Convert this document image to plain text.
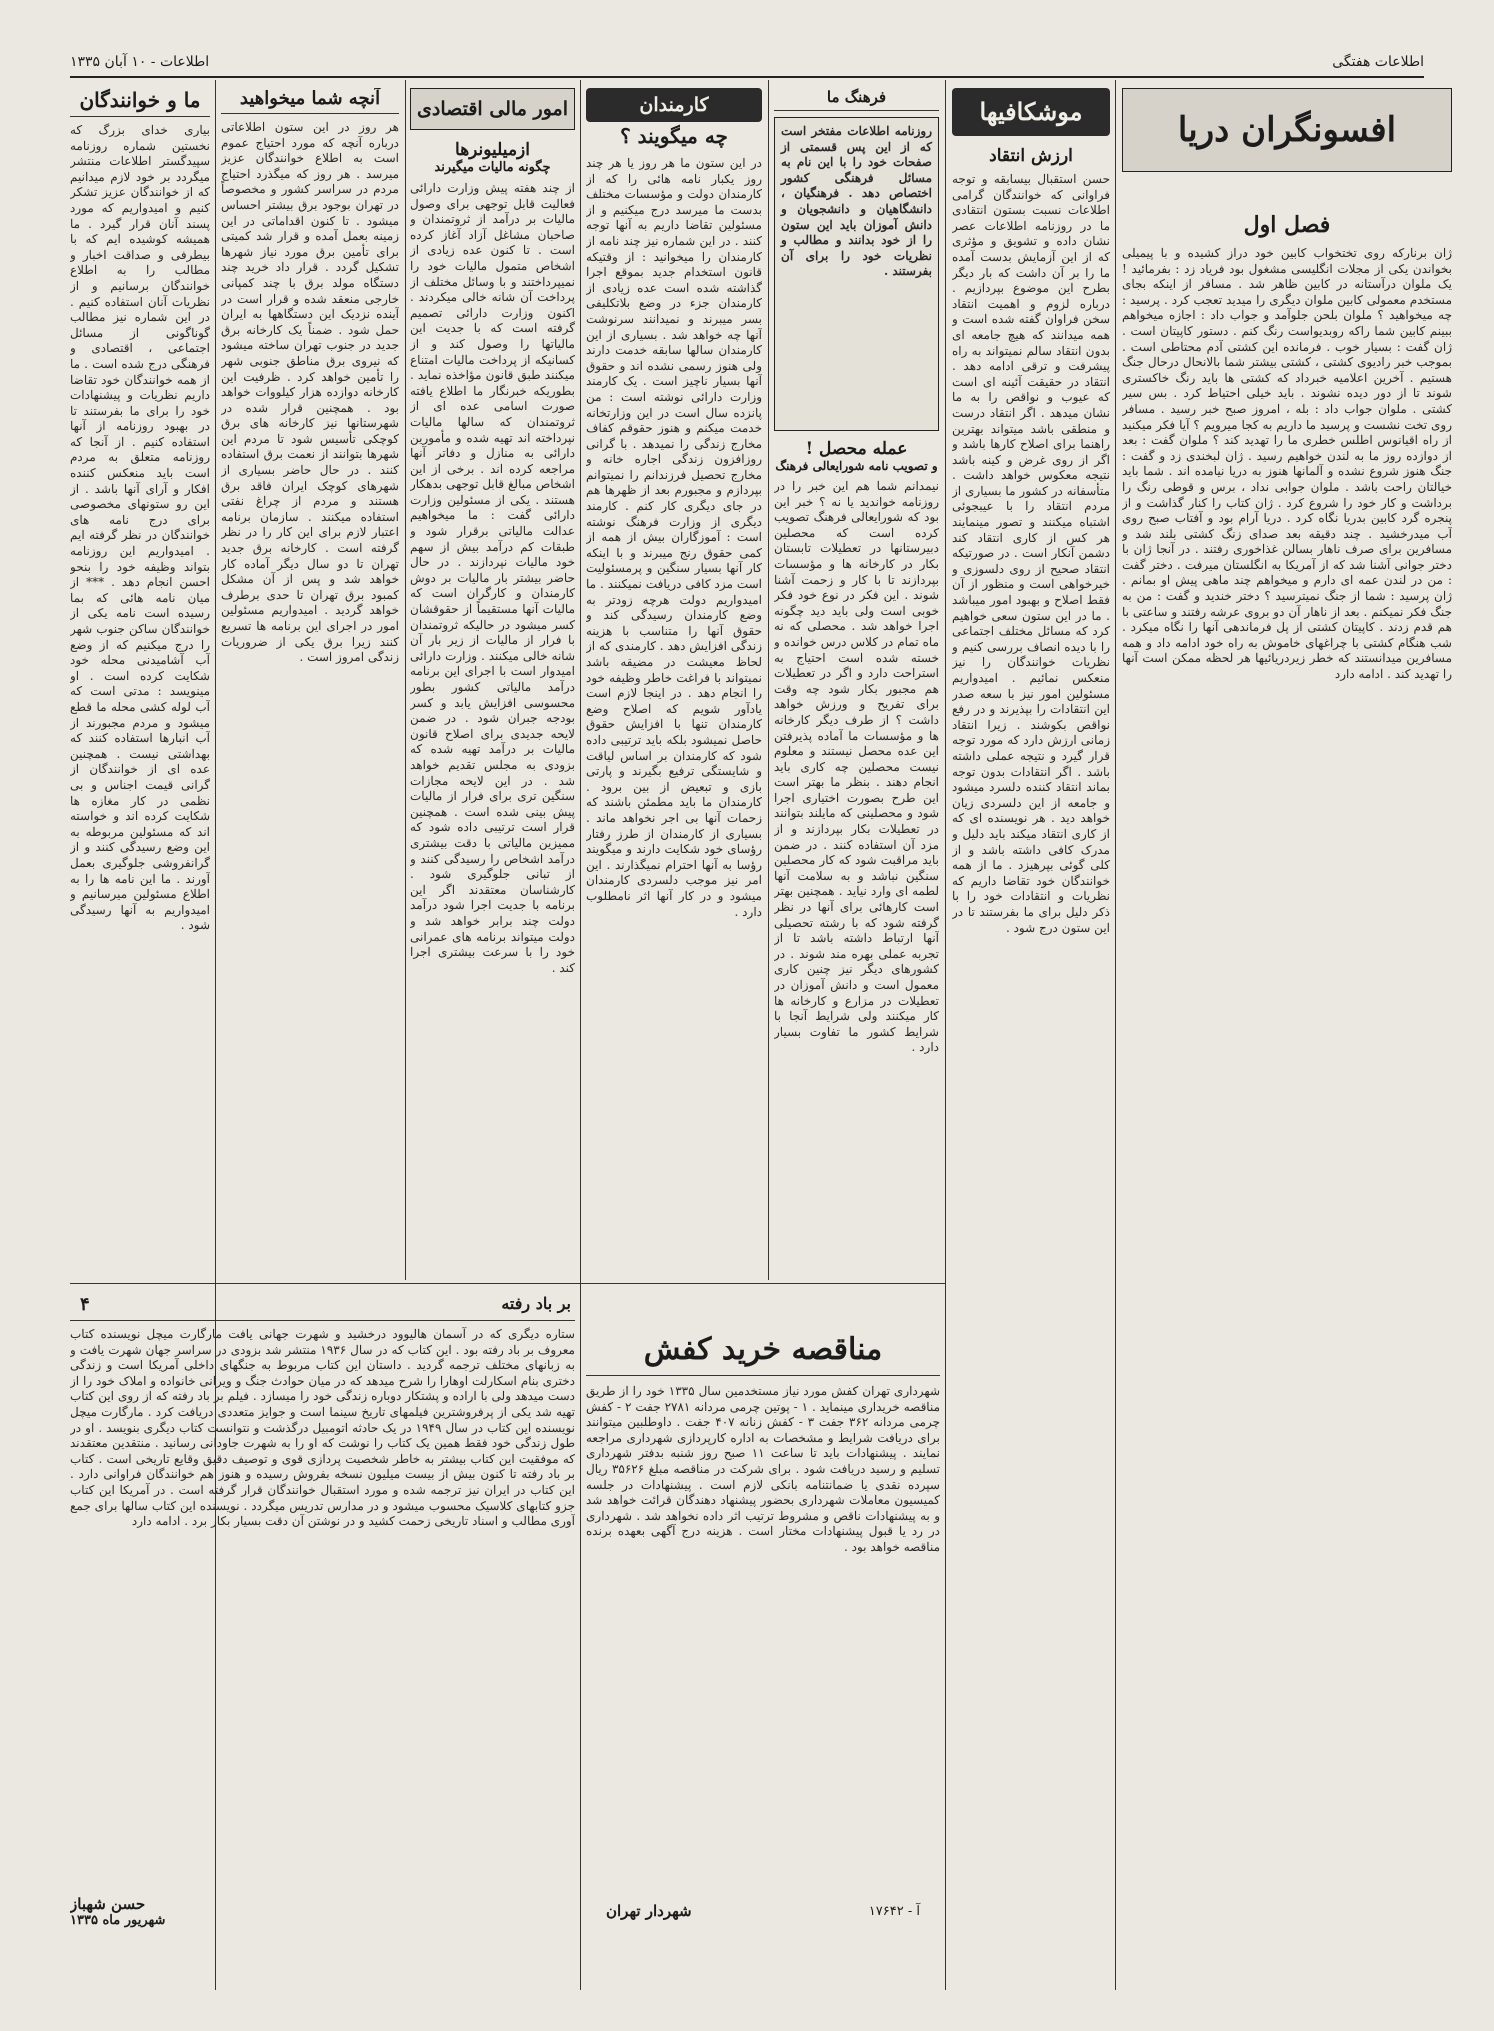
اطلاعات - ۱۰ آبان ۱۳۳۵	اطلاعات هفتگی
افسونگران دریا
فصل اول
ژان برنارکه روی تختخواب کابین خود دراز کشیده و با پیمیلی بخواندن یکی از مجلات انگلیسی مشغول بود فریاد زد : بفرمائید ! یک ملوان درآستانه در کابین ظاهر شد . مسافر از اینکه بجای مستخدم معمولی کابین ملوان دیگری را میدید تعجب کرد . پرسید : چه میخواهید ؟ ملوان بلحن جلوآمد و جواب داد : اجازه میخواهم ببینم کابین شما راکه روبدیواست رنگ کنم . دستور کاپیتان است . ژان گفت : بسیار خوب . فرمانده این کشتی آدم محتاطی است . بموجب خبر رادیوی کشتی ، کشتی بیشتر شما بالانحال درحال جنگ هستیم . آخرین اعلامیه خبرداد که کشتی ها باید رنگ خاکستری شوند تا از دور دیده نشوند . باید خیلی احتیاط کرد . بس سیر کشتی . ملوان جواب داد : بله ، امروز صبح خبر رسید . مسافر روی تخت نشست و پرسید ما داریم به کجا میرویم ؟ آیا فکر میکنید از راه اقیانوس اطلس خطری ما را تهدید کند ؟ ملوان گفت : بعد از دوازده روز ما به لندن خواهیم رسید . ژان لبخندی زد و گفت : جنگ هنوز شروع نشده و آلمانها هنوز به دریا نیامده اند . شما باید خیالتان راحت باشد . ملوان جوابی نداد ، برس و قوطی رنگ را برداشت و کار خود را شروع کرد . ژان کتاب را کنار گذاشت و از پنجره گرد کابین بدریا نگاه کرد . دریا آرام بود و آفتاب صبح روی آب میدرخشید . چند دقیقه بعد صدای زنگ کشتی بلند شد و مسافرین برای صرف ناهار بسالن غذاخوری رفتند . در آنجا ژان با دختر جوانی آشنا شد که از آمریکا به انگلستان میرفت . دختر گفت : من در لندن عمه ای دارم و میخواهم چند ماهی پیش او بمانم . ژان پرسید : شما از جنگ نمیترسید ؟ دختر خندید و گفت : من به جنگ فکر نمیکنم . بعد از ناهار آن دو بروی عرشه رفتند و ساعتی با هم قدم زدند . کاپیتان کشتی از پل فرماندهی آنها را نگاه میکرد . شب هنگام کشتی با چراغهای خاموش به راه خود ادامه داد و همه مسافرین میدانستند که خطر زیردریائیها هر لحظه ممکن است آنها را تهدید کند . ادامه دارد
موشکافیها
ارزش انتقاد
حسن استقبال بیسابقه و توجه فراوانی که خوانندگان گرامی اطلاعات نسبت بستون انتقادی ما در روزنامه اطلاعات عصر نشان داده و تشویق و مؤثری که از این آزمایش بدست آمده ما را بر آن داشت که بار دیگر بطرح این موضوع بپردازیم . درباره لزوم و اهمیت انتقاد سخن فراوان گفته شده است و همه میدانند که هیچ جامعه ای بدون انتقاد سالم نمیتواند به راه پیشرفت و ترقی ادامه دهد . انتقاد در حقیقت آئینه ای است که عیوب و نواقص را به ما نشان میدهد . اگر انتقاد درست و منطقی باشد میتواند بهترین راهنما برای اصلاح کارها باشد و اگر از روی غرض و کینه باشد نتیجه معکوس خواهد داشت . متأسفانه در کشور ما بسیاری از مردم انتقاد را با عیبجوئی اشتباه میکنند و تصور مینمایند هر کس از کاری انتقاد کند دشمن آنکار است . در صورتیکه انتقاد صحیح از روی دلسوزی و خیرخواهی است و منظور از آن فقط اصلاح و بهبود امور میباشد . ما در این ستون سعی خواهیم کرد که مسائل مختلف اجتماعی را با دیده انصاف بررسی کنیم و نظریات خوانندگان را نیز منعکس نمائیم . امیدواریم مسئولین امور نیز با سعه صدر این انتقادات را بپذیرند و در رفع نواقص بکوشند . زیرا انتقاد زمانی ارزش دارد که مورد توجه قرار گیرد و نتیجه عملی داشته باشد . اگر انتقادات بدون توجه بماند انتقاد کننده دلسرد میشود و جامعه از این دلسردی زیان خواهد دید . هر نویسنده ای که از کاری انتقاد میکند باید دلیل و مدرک کافی داشته باشد و از کلی گوئی بپرهیزد . ما از همه خوانندگان خود تقاضا داریم که نظریات و انتقادات خود را با ذکر دلیل برای ما بفرستند تا در این ستون درج شود .
فرهنگ ما
روزنامه اطلاعات مفتخر است که از این پس قسمتی از صفحات خود را با این نام به مسائل فرهنگی کشور اختصاص دهد . فرهنگیان ، دانشگاهیان و دانشجویان و دانش آموزان باید این ستون را از خود بدانند و مطالب و نظریات خود را برای آن بفرستند .
عمله محصل !
و تصویب نامه شورایعالی فرهنگ
نیمدانم شما هم این خبر را در روزنامه خواندید یا نه ؟ خبر این بود که شورایعالی فرهنگ تصویب کرده است که محصلین دبیرستانها در تعطیلات تابستان بکار در کارخانه ها و مؤسسات بپردازند تا با کار و زحمت آشنا شوند . این فکر در نوع خود فکر خوبی است ولی باید دید چگونه اجرا خواهد شد . محصلی که نه ماه تمام در کلاس درس خوانده و خسته شده است احتیاج به استراحت دارد و اگر در تعطیلات هم مجبور بکار شود چه وقت برای تفریح و ورزش خواهد داشت ؟ از طرف دیگر کارخانه ها و مؤسسات ما آماده پذیرفتن این عده محصل نیستند و معلوم نیست محصلین چه کاری باید انجام دهند . بنظر ما بهتر است این طرح بصورت اختیاری اجرا شود و محصلینی که مایلند بتوانند در تعطیلات بکار بپردازند و از مزد آن استفاده کنند . در ضمن باید مراقبت شود که کار محصلین سنگین نباشد و به سلامت آنها لطمه ای وارد نیاید . همچنین بهتر است کارهائی برای آنها در نظر گرفته شود که با رشته تحصیلی آنها ارتباط داشته باشد تا از تجربه عملی بهره مند شوند . در کشورهای دیگر نیز چنین کاری معمول است و دانش آموزان در تعطیلات در مزارع و کارخانه ها کار میکنند ولی شرایط آنجا با شرایط کشور ما تفاوت بسیار دارد .
کارمندان
چه میگویند ؟
در این ستون ما هر روز یا هر چند روز یکبار نامه هائی را که از کارمندان دولت و مؤسسات مختلف بدست ما میرسد درج میکنیم و از مسئولین تقاضا داریم به آنها توجه کنند . در این شماره نیز چند نامه از کارمندان را میخوانید : از وقتیکه قانون استخدام جدید بموقع اجرا گذاشته شده است عده زیادی از کارمندان جزء در وضع بلاتکلیفی بسر میبرند و نمیدانند سرنوشت آنها چه خواهد شد . بسیاری از این کارمندان سالها سابقه خدمت دارند ولی هنوز رسمی نشده اند و حقوق آنها بسیار ناچیز است . یک کارمند وزارت دارائی نوشته است : من پانزده سال است در این وزارتخانه خدمت میکنم و هنوز حقوقم کفاف مخارج زندگی را نمیدهد . با گرانی روزافزون زندگی اجاره خانه و مخارج تحصیل فرزندانم را نمیتوانم بپردازم و مجبورم بعد از ظهرها هم در جای دیگری کار کنم . کارمند دیگری از وزارت فرهنگ نوشته است : آموزگاران بیش از همه از کمی حقوق رنج میبرند و با اینکه کار آنها بسیار سنگین و پرمسئولیت است مزد کافی دریافت نمیکنند . ما امیدواریم دولت هرچه زودتر به وضع کارمندان رسیدگی کند و حقوق آنها را متناسب با هزینه زندگی افزایش دهد . کارمندی که از لحاظ معیشت در مضیقه باشد نمیتواند با فراغت خاطر وظیفه خود را انجام دهد . در اینجا لازم است یادآور شویم که اصلاح وضع کارمندان تنها با افزایش حقوق حاصل نمیشود بلکه باید ترتیبی داده شود که کارمندان بر اساس لیاقت و شایستگی ترفیع بگیرند و پارتی بازی و تبعیض از بین برود . کارمندان ما باید مطمئن باشند که زحمات آنها بی اجر نخواهد ماند . بسیاری از کارمندان از طرز رفتار رؤسای خود شکایت دارند و میگویند رؤسا به آنها احترام نمیگذارند . این امر نیز موجب دلسردی کارمندان میشود و در کار آنها اثر نامطلوب دارد .
امور مالی اقتصادی
ازمیلیونرها
چگونه مالیات میگیرند
از چند هفته پیش وزارت دارائی فعالیت قابل توجهی برای وصول مالیات بر درآمد از ثروتمندان و صاحبان مشاغل آزاد آغاز کرده است . تا کنون عده زیادی از اشخاص متمول مالیات خود را نمیپرداختند و با وسائل مختلف از پرداخت آن شانه خالی میکردند . اکنون وزارت دارائی تصمیم گرفته است که با جدیت این مالیاتها را وصول کند و از کسانیکه از پرداخت مالیات امتناع میکنند طبق قانون مؤاخذه نماید . بطوریکه خبرنگار ما اطلاع یافته صورت اسامی عده ای از ثروتمندان که سالها مالیات نپرداخته اند تهیه شده و مأمورین دارائی به منازل و دفاتر آنها مراجعه کرده اند . برخی از این اشخاص مبالغ قابل توجهی بدهکار هستند . یکی از مسئولین وزارت دارائی گفت : ما میخواهیم عدالت مالیاتی برقرار شود و طبقات کم درآمد بیش از سهم خود مالیات نپردازند . در حال حاضر بیشتر بار مالیات بر دوش کارمندان و کارگران است که مالیات آنها مستقیماً از حقوقشان کسر میشود در حالیکه ثروتمندان با فرار از مالیات از زیر بار آن شانه خالی میکنند . وزارت دارائی امیدوار است با اجرای این برنامه درآمد مالیاتی کشور بطور محسوسی افزایش یابد و کسر بودجه جبران شود . در ضمن لایحه جدیدی برای اصلاح قانون مالیات بر درآمد تهیه شده که بزودی به مجلس تقدیم خواهد شد . در این لایحه مجازات سنگین تری برای فرار از مالیات پیش بینی شده است . همچنین قرار است ترتیبی داده شود که ممیزین مالیاتی با دقت بیشتری درآمد اشخاص را رسیدگی کنند و از تبانی جلوگیری شود . کارشناسان معتقدند اگر این برنامه با جدیت اجرا شود درآمد دولت چند برابر خواهد شد و دولت میتواند برنامه های عمرانی خود را با سرعت بیشتری اجرا کند .
آنچه شما میخواهید
هر روز در این ستون اطلاعاتی درباره آنچه که مورد احتیاج عموم است به اطلاع خوانندگان عزیز میرسد . هر روز که میگذرد احتیاج مردم در سراسر کشور و مخصوصاً در تهران بوجود برق بیشتر احساس میشود . تا کنون اقداماتی در این زمینه بعمل آمده و قرار شد کمیتی برای تأمین برق مورد نیاز شهرها تشکیل گردد . قرار داد خرید چند دستگاه مولد برق با چند کمپانی خارجی منعقد شده و قرار است در آینده نزدیک این دستگاهها به ایران حمل شود . ضمناً یک کارخانه برق جدید در جنوب تهران ساخته میشود که نیروی برق مناطق جنوبی شهر را تأمین خواهد کرد . ظرفیت این کارخانه دوازده هزار کیلووات خواهد بود . همچنین قرار شده در شهرستانها نیز کارخانه های برق کوچکی تأسیس شود تا مردم این شهرها بتوانند از نعمت برق استفاده کنند . در حال حاضر بسیاری از شهرهای کوچک ایران فاقد برق هستند و مردم از چراغ نفتی استفاده میکنند . سازمان برنامه اعتبار لازم برای این کار را در نظر گرفته است . کارخانه برق جدید تهران تا دو سال دیگر آماده کار خواهد شد و پس از آن مشکل کمبود برق تهران تا حدی برطرف خواهد گردید . امیدواریم مسئولین امور در اجرای این برنامه ها تسریع کنند زیرا برق یکی از ضروریات زندگی امروز است .
ما و خوانندگان
بیاری خدای بزرگ که نخستین شماره روزنامه سپیدگستر اطلاعات منتشر میگردد بر خود لازم میدانیم که از خوانندگان عزیز تشکر کنیم و امیدواریم که مورد پسند آنان قرار گیرد . ما همیشه کوشیده ایم که با بیطرفی و صداقت اخبار و مطالب را به اطلاع خوانندگان برسانیم و از نظریات آنان استفاده کنیم . در این شماره نیز مطالب گوناگونی از مسائل اجتماعی ، اقتصادی و فرهنگی درج شده است . ما از همه خوانندگان خود تقاضا داریم نظریات و پیشنهادات خود را برای ما بفرستند تا در بهبود روزنامه از آنها استفاده کنیم . از آنجا که روزنامه متعلق به مردم است باید منعکس کننده افکار و آرای آنها باشد . از این رو ستونهای مخصوصی برای درج نامه های خوانندگان در نظر گرفته ایم . امیدواریم این روزنامه بتواند وظیفه خود را بنحو احسن انجام دهد . *** از میان نامه هائی که بما رسیده است نامه یکی از خوانندگان ساکن جنوب شهر را درج میکنیم که از وضع آب آشامیدنی محله خود شکایت کرده است . او مینویسد : مدتی است که آب لوله کشی محله ما قطع میشود و مردم مجبورند از آب انبارها استفاده کنند که بهداشتی نیست . همچنین عده ای از خوانندگان از گرانی قیمت اجناس و بی نظمی در کار مغازه ها شکایت کرده اند و خواسته اند که مسئولین مربوطه به این وضع رسیدگی کنند و از گرانفروشی جلوگیری بعمل آورند . ما این نامه ها را به اطلاع مسئولین میرسانیم و امیدواریم به آنها رسیدگی شود .
بر باد رفته
۴
ستاره دیگری که در آسمان هالیوود درخشید و شهرت جهانی یافت مارگارت میچل نویسنده کتاب معروف بر باد رفته بود . این کتاب که در سال ۱۹۳۶ منتشر شد بزودی در سراسر جهان شهرت یافت و به زبانهای مختلف ترجمه گردید . داستان این کتاب مربوط به جنگهای داخلی آمریکا است و زندگی دختری بنام اسکارلت اوهارا را شرح میدهد که در میان حوادث جنگ و ویرانی خانواده و املاک خود را از دست میدهد ولی با اراده و پشتکار دوباره زندگی خود را میسازد . فیلم بر باد رفته که از روی این کتاب تهیه شد یکی از پرفروشترین فیلمهای تاریخ سینما است و جوایز متعددی دریافت کرد . مارگارت میچل نویسنده این کتاب در سال ۱۹۴۹ در یک حادثه اتومبیل درگذشت و نتوانست کتاب دیگری بنویسد . او در طول زندگی خود فقط همین یک کتاب را نوشت که او را به شهرت جاودانی رسانید . منتقدین معتقدند که موفقیت این کتاب بیشتر به خاطر شخصیت پردازی قوی و توصیف دقیق وقایع تاریخی است . کتاب بر باد رفته تا کنون بیش از بیست میلیون نسخه بفروش رسیده و هنوز هم خوانندگان فراوانی دارد . این کتاب در ایران نیز ترجمه شده و مورد استقبال خوانندگان قرار گرفته است . در آمریکا این کتاب جزو کتابهای کلاسیک محسوب میشود و در مدارس تدریس میگردد . نویسنده این کتاب سالها برای جمع آوری مطالب و اسناد تاریخی زحمت کشید و در نوشتن آن دقت بسیار بکار برد . ادامه دارد
حسن شهباز
شهریور ماه ۱۳۳۵
مناقصه خرید کفش
شهرداری تهران کفش مورد نیاز مستخدمین سال ۱۳۳۵ خود را از طریق مناقصه خریداری مینماید . ۱ - پوتین چرمی مردانه ۲۷۸۱ جفت ۲ - کفش چرمی مردانه ۳۶۲ جفت ۳ - کفش زنانه ۴۰۷ جفت . داوطلبین میتوانند برای دریافت شرایط و مشخصات به اداره کارپردازی شهرداری مراجعه نمایند . پیشنهادات باید تا ساعت ۱۱ صبح روز شنبه بدفتر شهرداری تسلیم و رسید دریافت شود . برای شرکت در مناقصه مبلغ ۳۵۶۲۶ ریال سپرده نقدی یا ضمانتنامه بانکی لازم است . پیشنهادات در جلسه کمیسیون معاملات شهرداری بحضور پیشنهاد دهندگان قرائت خواهد شد و به پیشنهادات ناقص و مشروط ترتیب اثر داده نخواهد شد . شهرداری در رد یا قبول پیشنهادات مختار است . هزینه درج آگهی بعهده برنده مناقصه خواهد بود .
شهردار تهران	آ - ۱۷۶۴۲
